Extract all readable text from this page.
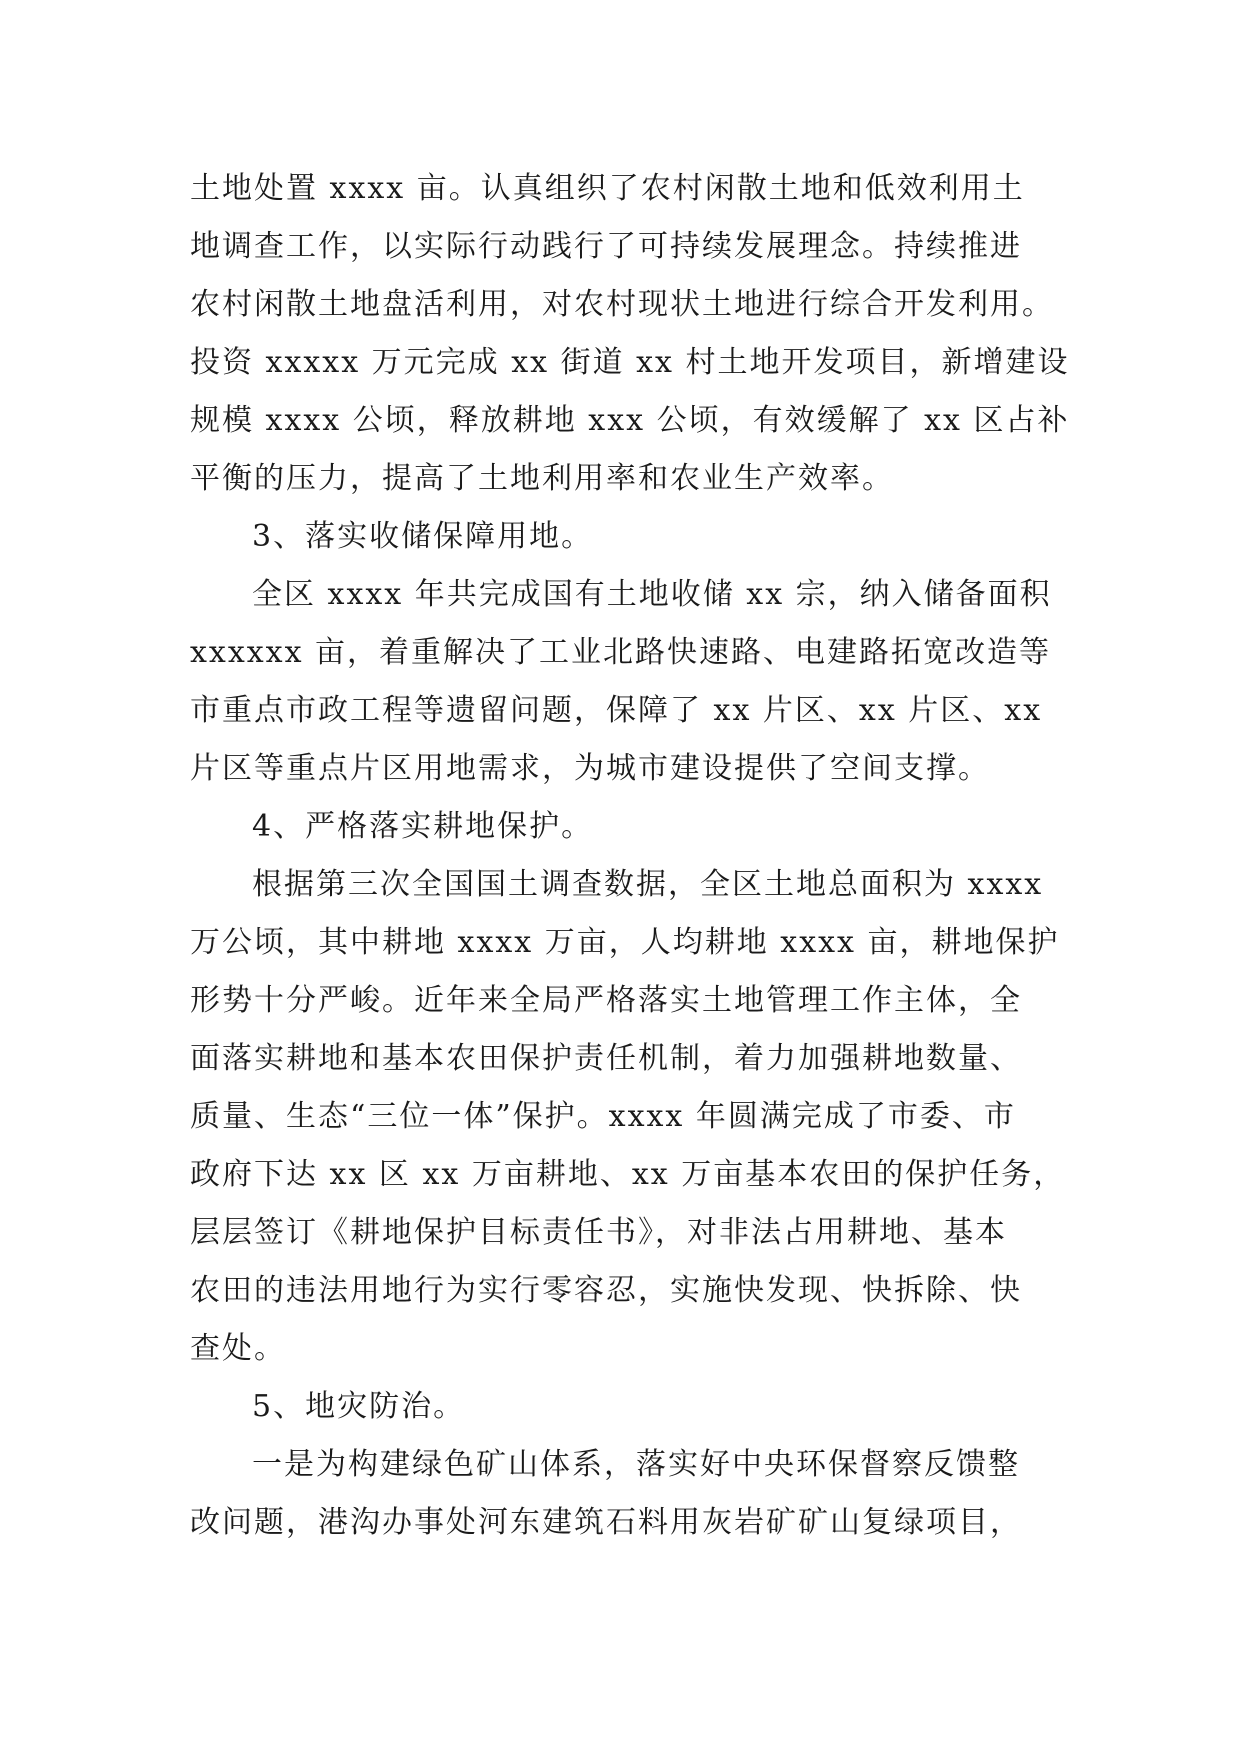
土地处置 xxxx 亩。认真组织了农村闲散土地和低效利用土
地调查工作，以实际行动践行了可持续发展理念。持续推进
农村闲散土地盘活利用，对农村现状土地进行综合开发利用。
投资 xxxxx 万元完成 xx 街道 xx 村土地开发项目，新增建设
规模 xxxx 公顷，释放耕地 xxx 公顷，有效缓解了 xx 区占补
平衡的压力，提高了土地利用率和农业生产效率。
3、落实收储保障用地。
全区 xxxx 年共完成国有土地收储 xx 宗，纳入储备面积
xxxxxx 亩，着重解决了工业北路快速路、电建路拓宽改造等
市重点市政工程等遗留问题，保障了 xx 片区、xx 片区、xx
片区等重点片区用地需求，为城市建设提供了空间支撑。
4、严格落实耕地保护。
根据第三次全国国土调查数据，全区土地总面积为 xxxx
万公顷，其中耕地 xxxx 万亩，人均耕地 xxxx 亩，耕地保护
形势十分严峻。近年来全局严格落实土地管理工作主体，全
面落实耕地和基本农田保护责任机制，着力加强耕地数量、
质量、生态“三位一体”保护。xxxx 年圆满完成了市委、市
政府下达 xx 区 xx 万亩耕地、xx 万亩基本农田的保护任务，
层层签订《耕地保护目标责任书》，对非法占用耕地、基本
农田的违法用地行为实行零容忍，实施快发现、快拆除、快
查处。
5、地灾防治。
一是为构建绿色矿山体系，落实好中央环保督察反馈整
改问题，港沟办事处河东建筑石料用灰岩矿矿山复绿项目，
